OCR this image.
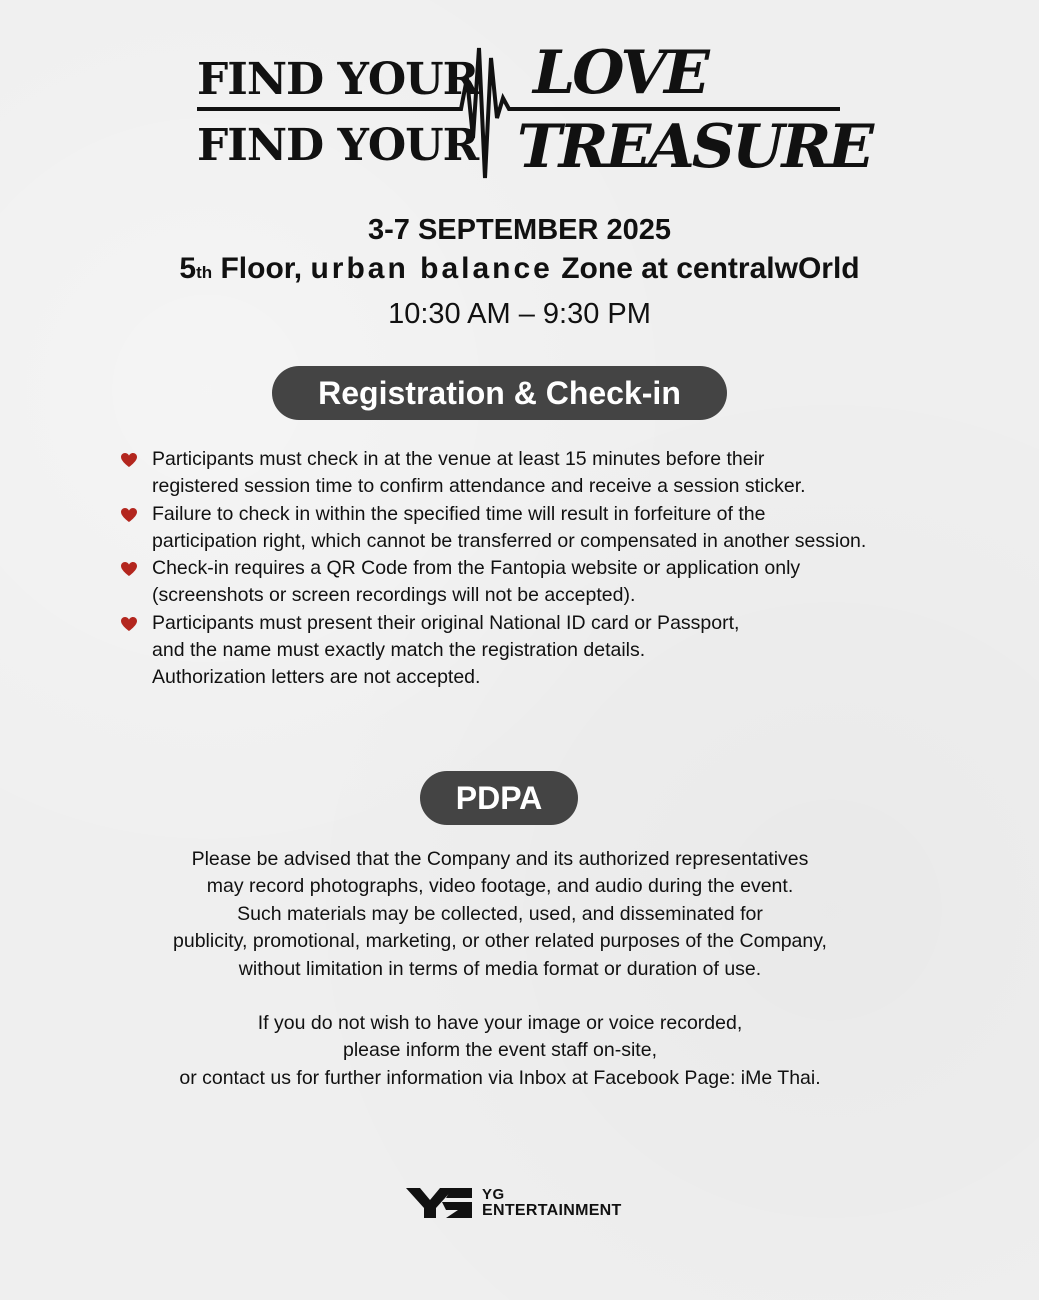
FIND YOUR
FIND YOUR
LOVE
TREASURE
3-7 SEPTEMBER 2025
5th Floor, urban balance Zone at centralwOrld
10:30 AM – 9:30 PM
Registration & Check-in
Participants must check in at the venue at least 15 minutes before their
registered session time to confirm attendance and receive a session sticker.
Failure to check in within the specified time will result in forfeiture of the
participation right, which cannot be transferred or compensated in another session.
Check-in requires a QR Code from the Fantopia website or application only
(screenshots or screen recordings will not be accepted).
Participants must present their original National ID card or Passport,
and the name must exactly match the registration details.
Authorization letters are not accepted.
PDPA
Please be advised that the Company and its authorized representatives
may record photographs, video footage, and audio during the event.
Such materials may be collected, used, and disseminated for
publicity, promotional, marketing, or other related purposes of the Company,
without limitation in terms of media format or duration of use.
If you do not wish to have your image or voice recorded,
please inform the event staff on-site,
or contact us for further information via Inbox at Facebook Page: iMe Thai.
YG
ENTERTAINMENT
